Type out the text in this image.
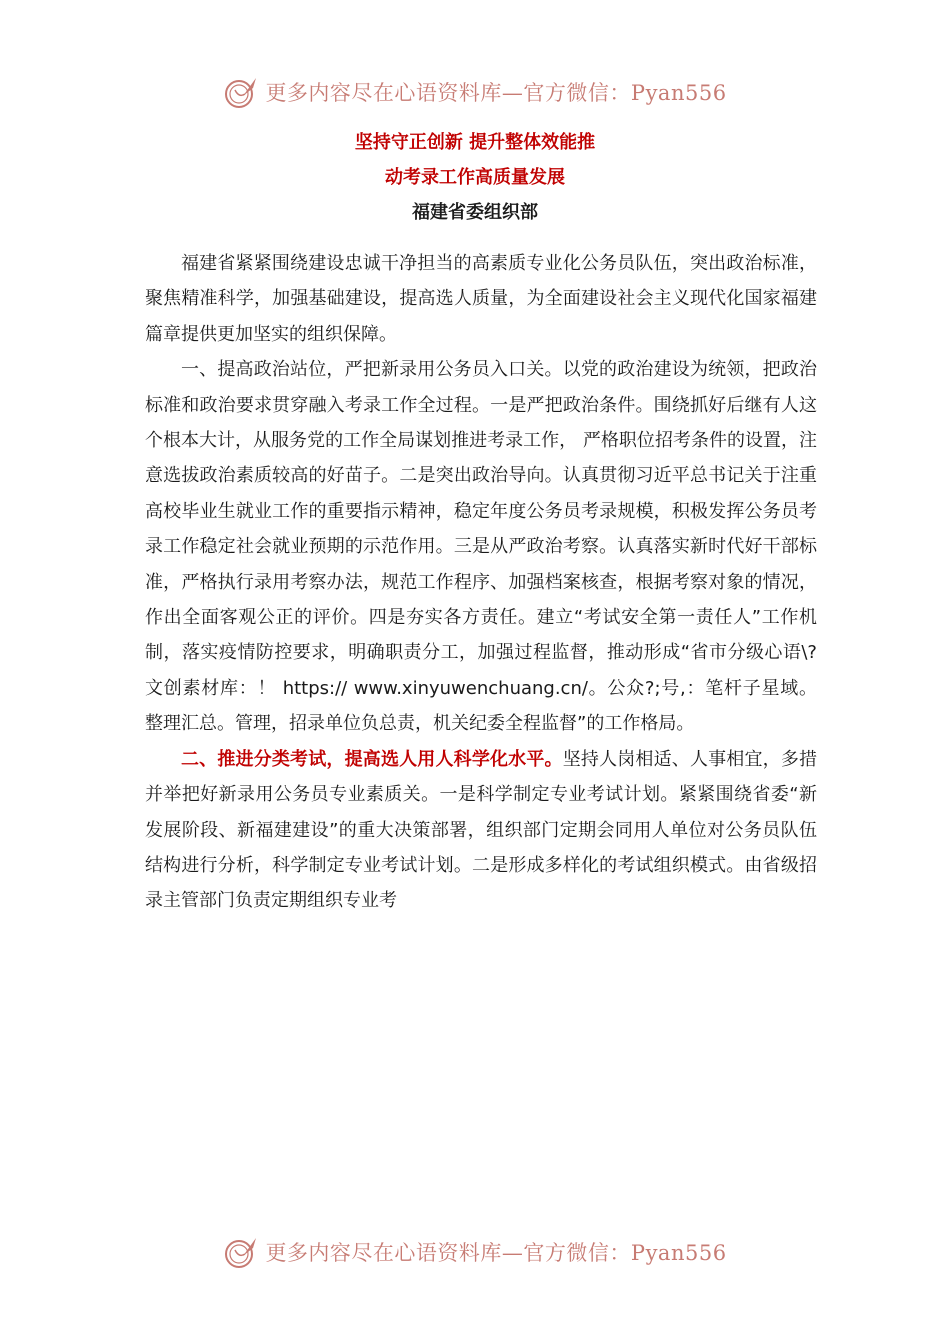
更多内容尽在心语资料库—官方微信：Pyan556
坚持守正创新 提升整体效能推
动考录工作高质量发展
福建省委组织部

福建省紧紧围绕建设忠诚干净担当的高素质专业化公务员队伍，突出政治标准，聚焦精准科学，加强基础建设，提高选人质量，为全面建设社会主义现代化国家福建篇章提供更加坚实的组织保障。

一、提高政治站位，严把新录用公务员入口关。以党的政治建设为统领，把政治标准和政治要求贯穿融入考录工作全过程。一是严把政治条件。围绕抓好后继有人这个根本大计，从服务党的工作全局谋划推进考录工作， 严格职位招考条件的设置，注意选拔政治素质较高的好苗子。二是突出政治导向。认真贯彻习近平总书记关于注重高校毕业生就业工作的重要指示精神，稳定年度公务员考录规模，积极发挥公务员考录工作稳定社会就业预期的示范作用。三是从严政治考察。认真落实新时代好干部标准，严格执行录用考察办法，规范工作程序、加强档案核查，根据考察对象的情况， 作出全面客观公正的评价。四是夯实各方责任。建立“考试安全第一责任人”工作机制，落实疫情防控要求，明确职责分工，加强过程监督，推动形成“省市分级心语\?文创素材库：！ https:// www.xinyuwenchuang.cn/。公众?;号,：笔杆子星域。整理汇总。管理，招录单位负总责，机关纪委全程监督”的工作格局。

二、推进分类考试，提高选人用人科学化水平。坚持人岗相适、人事相宜，多措并举把好新录用公务员专业素质关。一是科学制定专业考试计划。紧紧围绕省委“新发展阶段、新福建建设”的重大决策部署，组织部门定期会同用人单位对公务员队伍结构进行分析，科学制定专业考试计划。二是形成多样化的考试组织模式。由省级招录主管部门负责定期组织专业考

更多内容尽在心语资料库—官方微信：Pyan556
